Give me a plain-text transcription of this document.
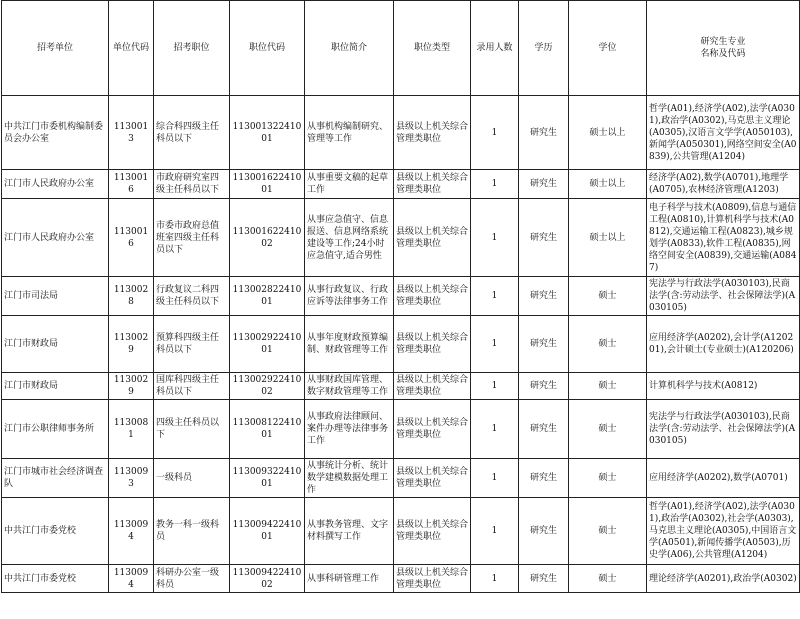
招考单位	单位代码	招考职位	职位代码	职位简介	职位类型	录用人数	学历	学位	研究生专业
名称及代码
中共江门市委机构编制委员会办公室	1130013	综合科四级主任科员以下	11300132241001	从事机构编制研究、管理等工作	县级以上机关综合管理类职位	1	研究生	硕士以上	哲学(A01),经济学(A02),法学(A0301),政治学(A0302),马克思主义理论(A0305),汉语言文学学(A050103),新闻学(A050301),网络空间安全(A0839),公共管理(A1204)
江门市人民政府办公室	1130016	市政府研究室四级主任科员以下	11300162241001	从事重要文稿的起草工作	县级以上机关综合管理类职位	1	研究生	硕士以上	经济学(A02),数学(A0701),地理学(A0705),农林经济管理(A1203)
江门市人民政府办公室	1130016	市委市政府总值班室四级主任科员以下	11300162241002	从事应急值守、信息报送、信息网络系统建设等工作;24小时应急值守,适合男性	县级以上机关综合管理类职位	1	研究生	硕士以上	电子科学与技术(A0809),信息与通信工程(A0810),计算机科学与技术(A0812),交通运输工程(A0823),城乡规划学(A0833),软件工程(A0835),网络空间安全(A0839),交通运输(A0847)
江门市司法局	1130028	行政复议二科四级主任科员以下	11300282241001	从事行政复议、行政应诉等法律事务工作	县级以上机关综合管理类职位	1	研究生	硕士	宪法学与行政法学(A030103),民商法学(含:劳动法学、社会保障法学)(A030105)
江门市财政局	1130029	预算科四级主任科员以下	11300292241001	从事年度财政预算编制、财政管理等工作	县级以上机关综合管理类职位	1	研究生	硕士	应用经济学(A0202),会计学(A120201),会计硕士(专业硕士)(A120206)
江门市财政局	1130029	国库科四级主任科员以下	11300292241002	从事财政国库管理、数字财政管理等工作	县级以上机关综合管理类职位	1	研究生	硕士	计算机科学与技术(A0812)
江门市公职律师事务所	1130081	四级主任科员以下	11300812241001	从事政府法律顾问、案件办理等法律事务工作	县级以上机关综合管理类职位	1	研究生	硕士	宪法学与行政法学(A030103),民商法学(含:劳动法学、社会保障法学)(A030105)
江门市城市社会经济调查队	1130093	一级科员	11300932241001	从事统计分析、统计数学建模数据处理工作	县级以上机关综合管理类职位	1	研究生	硕士	应用经济学(A0202),数学(A0701)
中共江门市委党校	1130094	教务一科一级科员	11300942241001	从事教务管理、文字材料撰写工作	县级以上机关综合管理类职位	1	研究生	硕士	哲学(A01),经济学(A02),法学(A0301),政治学(A0302),社会学(A0303),马克思主义理论(A0305),中国语言文学(A0501),新闻传播学(A0503),历史学(A06),公共管理(A1204)
中共江门市委党校	1130094	科研办公室一级科员	11300942241002	从事科研管理工作	县级以上机关综合管理类职位	1	研究生	硕士	理论经济学(A0201),政治学(A0302)
